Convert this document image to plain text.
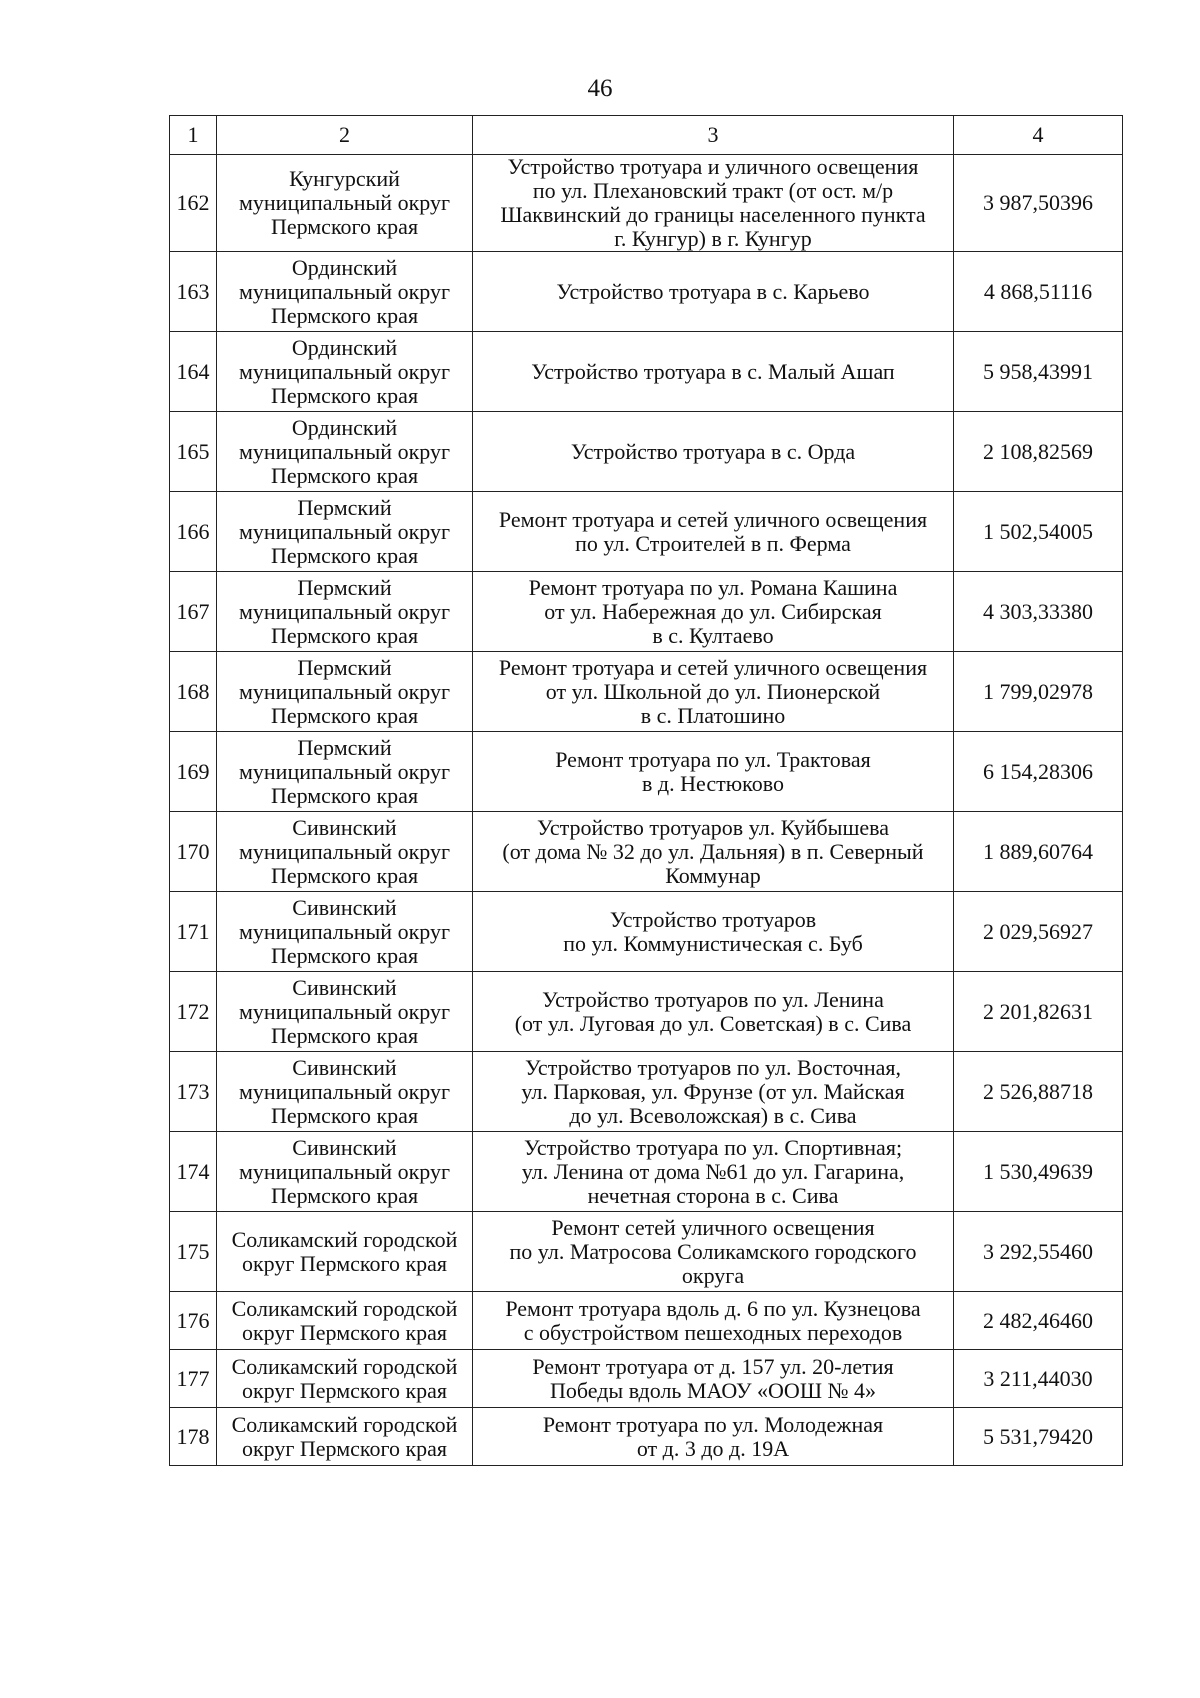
46
1	2	3	4
162	Кунгурский
муниципальный округ
Пермского края	Устройство тротуара и уличного освещения
по ул. Плехановский тракт (от ост. м/р
Шаквинский до границы населенного пункта
г. Кунгур) в г. Кунгур	3 987,50396
163	Ординский
муниципальный округ
Пермского края	Устройство тротуара в с. Карьево	4 868,51116
164	Ординский
муниципальный округ
Пермского края	Устройство тротуара в с. Малый Ашап	5 958,43991
165	Ординский
муниципальный округ
Пермского края	Устройство тротуара в с. Орда	2 108,82569
166	Пермский
муниципальный округ
Пермского края	Ремонт тротуара и сетей уличного освещения
по ул. Строителей в п. Ферма	1 502,54005
167	Пермский
муниципальный округ
Пермского края	Ремонт тротуара по ул. Романа Кашина
от ул. Набережная до ул. Сибирская
в с. Култаево	4 303,33380
168	Пермский
муниципальный округ
Пермского края	Ремонт тротуара и сетей уличного освещения
от ул. Школьной до ул. Пионерской
в с. Платошино	1 799,02978
169	Пермский
муниципальный округ
Пермского края	Ремонт тротуара по ул. Трактовая
в д. Нестюково	6 154,28306
170	Сивинский
муниципальный округ
Пермского края	Устройство тротуаров ул. Куйбышева
(от дома № 32 до ул. Дальняя) в п. Северный
Коммунар	1 889,60764
171	Сивинский
муниципальный округ
Пермского края	Устройство тротуаров
по ул. Коммунистическая с. Буб	2 029,56927
172	Сивинский
муниципальный округ
Пермского края	Устройство тротуаров по ул. Ленина
(от ул. Луговая до ул. Советская) в с. Сива	2 201,82631
173	Сивинский
муниципальный округ
Пермского края	Устройство тротуаров по ул. Восточная,
ул. Парковая, ул. Фрунзе (от ул. Майская
до ул. Всеволожская) в с. Сива	2 526,88718
174	Сивинский
муниципальный округ
Пермского края	Устройство тротуара по ул. Спортивная;
ул. Ленина от дома №61 до ул. Гагарина,
нечетная сторона в с. Сива	1 530,49639
175	Соликамский городской
округ Пермского края	Ремонт сетей уличного освещения
по ул. Матросова Соликамского городского
округа	3 292,55460
176	Соликамский городской
округ Пермского края	Ремонт тротуара вдоль д. 6 по ул. Кузнецова
с обустройством пешеходных переходов	2 482,46460
177	Соликамский городской
округ Пермского края	Ремонт тротуара от д. 157 ул. 20-летия
Победы вдоль МАОУ «ООШ № 4»	3 211,44030
178	Соликамский городской
округ Пермского края	Ремонт тротуара по ул. Молодежная
от д. 3 до д. 19А	5 531,79420
